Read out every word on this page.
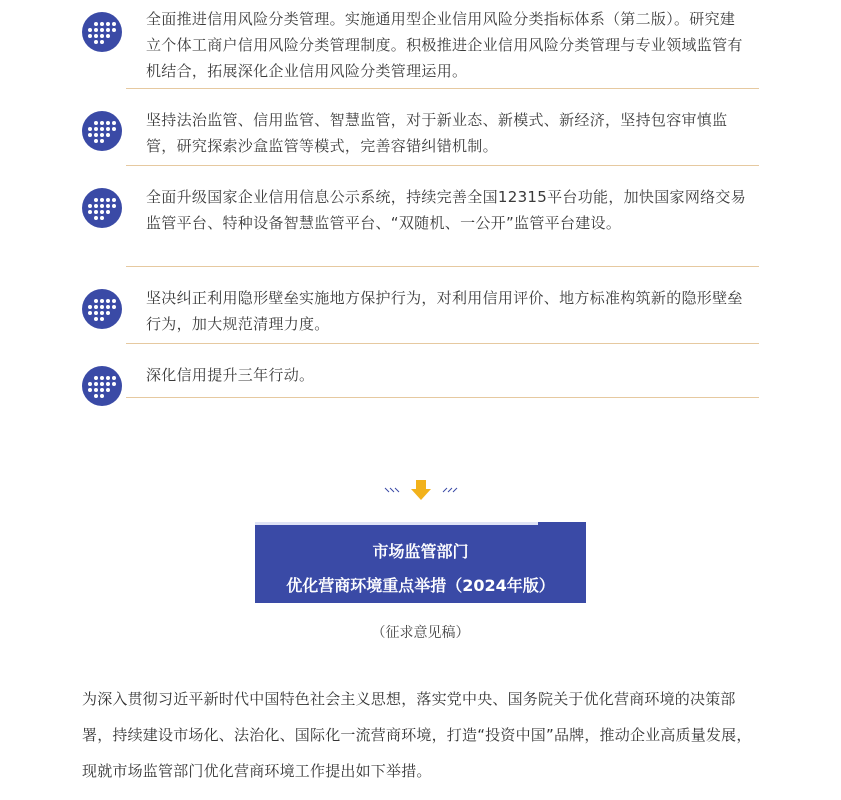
全面推进信用风险分类管理。实施通用型企业信用风险分类指标体系（第二版）。研究建立个体工商户信用风险分类管理制度。积极推进企业信用风险分类管理与专业领域监管有机结合，拓展深化企业信用风险分类管理运用。
坚持法治监管、信用监管、智慧监管，对于新业态、新模式、新经济，坚持包容审慎监管，研究探索沙盒监管等模式，完善容错纠错机制。
全面升级国家企业信用信息公示系统，持续完善全国12315平台功能，加快国家网络交易监管平台、特种设备智慧监管平台、“双随机、一公开”监管平台建设。
坚决纠正利用隐形壁垒实施地方保护行为，对利用信用评价、地方标准构筑新的隐形壁垒行为，加大规范清理力度。
深化信用提升三年行动。
市场监管部门
优化营商环境重点举措（2024年版）
（征求意见稿）
为深入贯彻习近平新时代中国特色社会主义思想，落实党中央、国务院关于优化营商环境的决策部署，持续建设市场化、法治化、国际化一流营商环境，打造“投资中国”品牌，推动企业高质量发展，现就市场监管部门优化营商环境工作提出如下举措。
